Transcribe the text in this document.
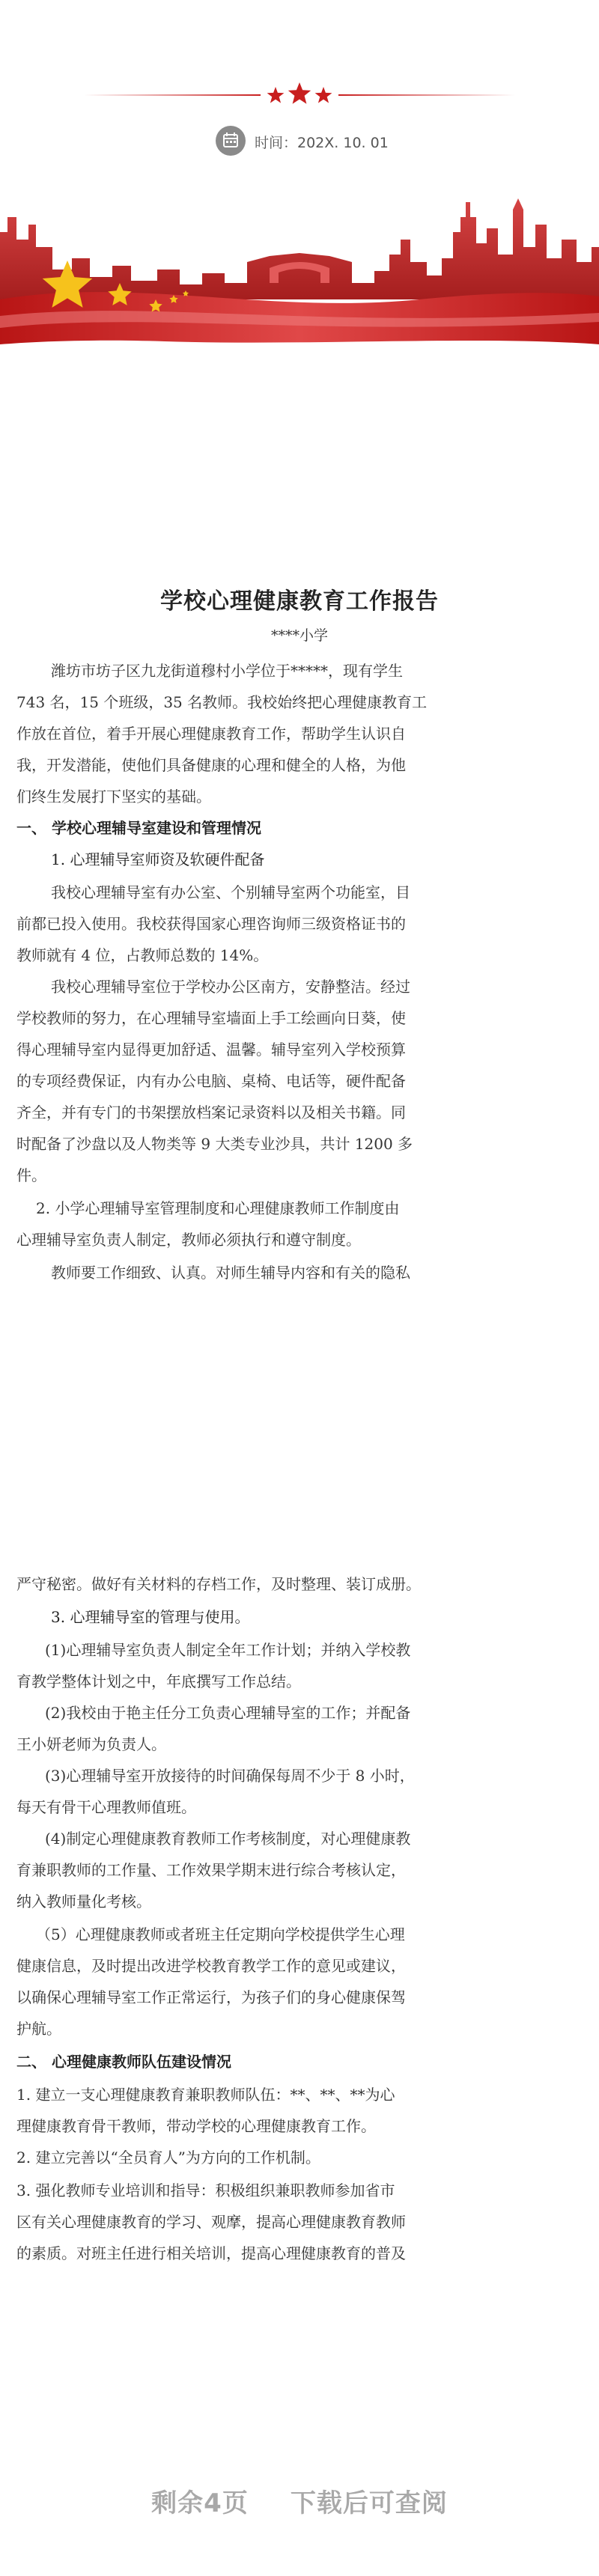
时间：202X. 10. 01
学校心理健康教育工作报告
****小学

潍坊市坊子区九龙街道穆村小学位于*****，现有学生

743 名，15 个班级，35 名教师。我校始终把心理健康教育工

作放在首位，着手开展心理健康教育工作，帮助学生认识自

我，开发潜能，使他们具备健康的心理和健全的人格，为他

们终生发展打下坚实的基础。

一、 学校心理辅导室建设和管理情况
1. 心理辅导室师资及软硬件配备

我校心理辅导室有办公室、个别辅导室两个功能室，目

前都已投入使用。我校获得国家心理咨询师三级资格证书的

教师就有 4 位，占教师总数的 14%。

我校心理辅导室位于学校办公区南方，安静整洁。经过

学校教师的努力，在心理辅导室墙面上手工绘画向日葵，使

得心理辅导室内显得更加舒适、温馨。辅导室列入学校预算

的专项经费保证，内有办公电脑、桌椅、电话等，硬件配备

齐全，并有专门的书架摆放档案记录资料以及相关书籍。同

时配备了沙盘以及人物类等 9 大类专业沙具，共计 1200 多

件。

2. 小学心理辅导室管理制度和心理健康教师工作制度由

心理辅导室负责人制定，教师必须执行和遵守制度。

教师要工作细致、认真。对师生辅导内容和有关的隐私

严守秘密。做好有关材料的存档工作，及时整理、装订成册。

3. 心理辅导室的管理与使用。

(1)心理辅导室负责人制定全年工作计划；并纳入学校教

育教学整体计划之中，年底撰写工作总结。

(2)我校由于艳主任分工负责心理辅导室的工作；并配备

王小妍老师为负责人。

(3)心理辅导室开放接待的时间确保每周不少于 8 小时，

每天有骨干心理教师值班。

(4)制定心理健康教育教师工作考核制度，对心理健康教

育兼职教师的工作量、工作效果学期末进行综合考核认定，

纳入教师量化考核。

（5）心理健康教师或者班主任定期向学校提供学生心理

健康信息，及时提出改进学校教育教学工作的意见或建议，

以确保心理辅导室工作正常运行，为孩子们的身心健康保驾

护航。

二、 心理健康教师队伍建设情况

1. 建立一支心理健康教育兼职教师队伍：**、**、**为心

理健康教育骨干教师，带动学校的心理健康教育工作。

2. 建立完善以“全员育人”为方向的工作机制。

3. 强化教师专业培训和指导：积极组织兼职教师参加省市

区有关心理健康教育的学习、观摩，提高心理健康教育教师

的素质。对班主任进行相关培训，提高心理健康教育的普及

剩余4页 下载后可查阅
